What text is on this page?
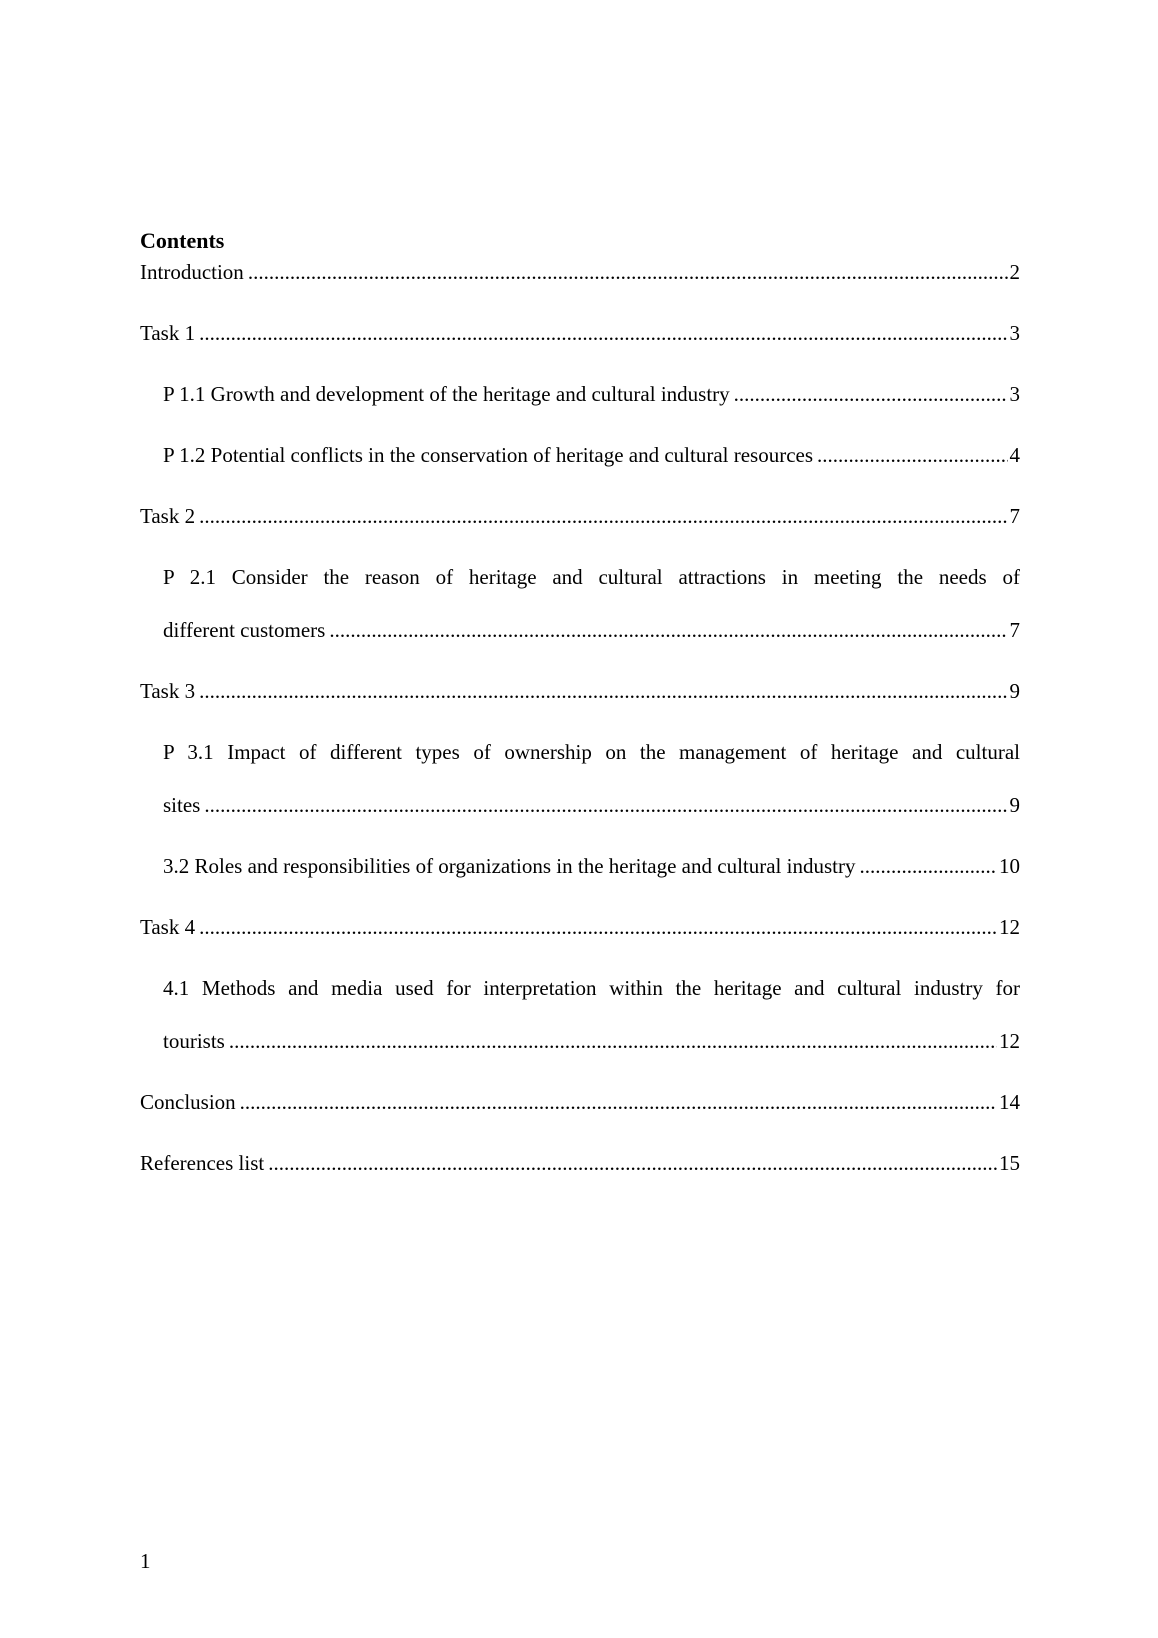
Contents
Introduction .....	2
Task 1 .....	3
P 1.1 Growth and development of the heritage and cultural industry .....	3
P 1.2 Potential conflicts in the conservation of heritage and cultural resources .....	4
Task 2 .....	7
P 2.1 Consider the reason of heritage and cultural attractions in meeting the needs of
different customers .....	7
Task 3 .....	9
P 3.1 Impact of different types of ownership on the management of heritage and cultural
sites .....	9
3.2 Roles and responsibilities of organizations in the heritage and cultural industry .....	10
Task 4 .....	12
4.1 Methods and media used for interpretation within the heritage and cultural industry for
tourists .....	12
Conclusion .....	14
References list .....	15
1
